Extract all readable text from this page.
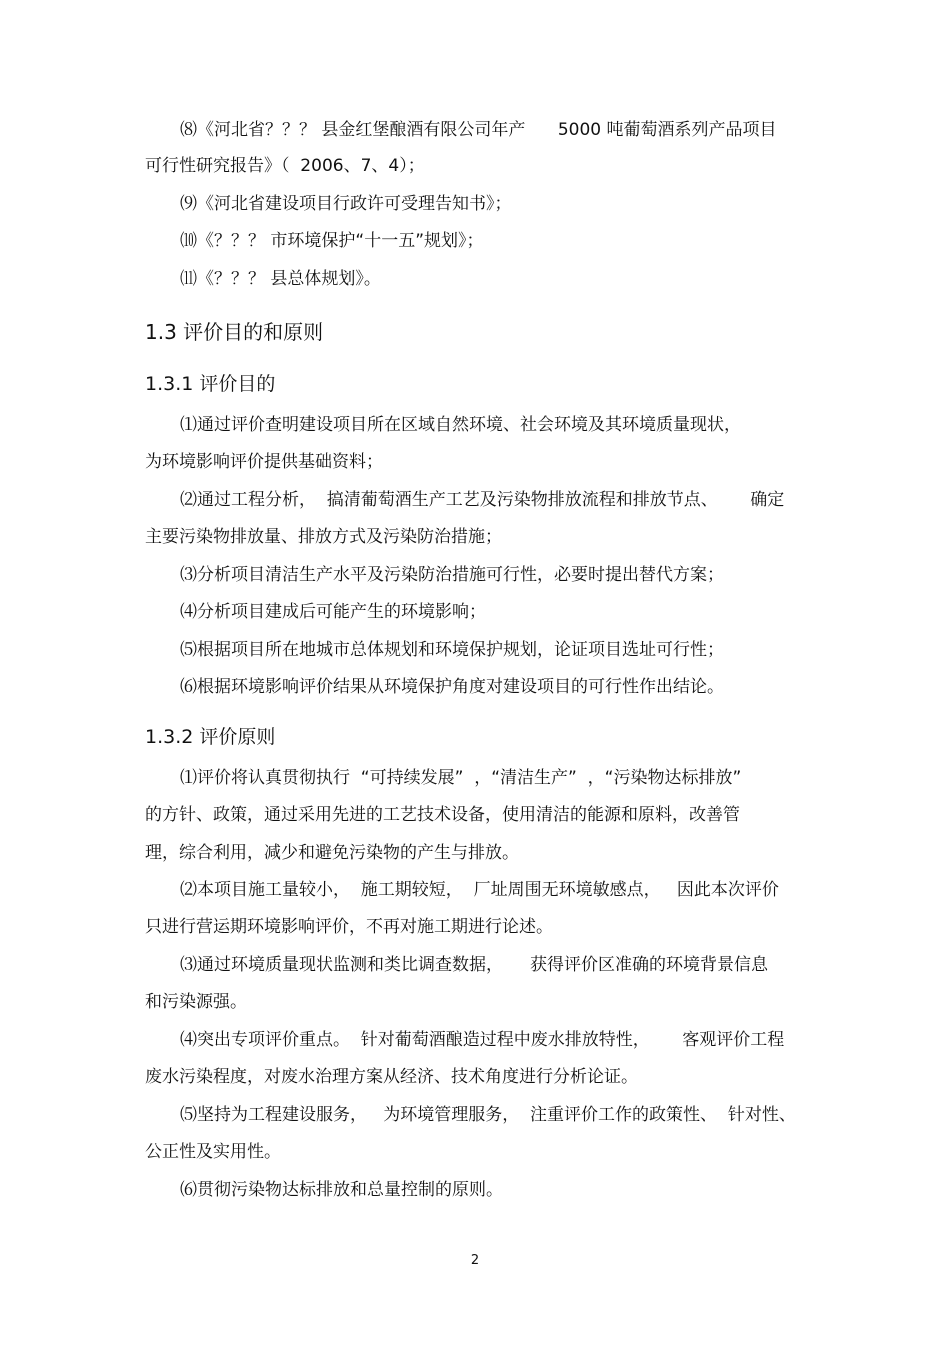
⑻《河北省？？？ 县金红堡酿酒有限公司年产      5000 吨葡萄酒系列产品项目
可行性研究报告》（  2006、7、4）；
⑼《河北省建设项目行政许可受理告知书》；
⑽《？？？ 市环境保护“十一五”规划》；
⑾《？？？ 县总体规划》。
1.3 评价目的和原则
1.3.1 评价目的
⑴通过评价查明建设项目所在区域自然环境、社会环境及其环境质量现状，
为环境影响评价提供基础资料；
⑵通过工程分析，  搞清葡萄酒生产工艺及污染物排放流程和排放节点、      确定
主要污染物排放量、排放方式及污染防治措施；
⑶分析项目清洁生产水平及污染防治措施可行性，必要时提出替代方案；
⑷分析项目建成后可能产生的环境影响；
⑸根据项目所在地城市总体规划和环境保护规划，论证项目选址可行性；
⑹根据环境影响评价结果从环境保护角度对建设项目的可行性作出结论。
1.3.2 评价原则
⑴评价将认真贯彻执行  “可持续发展”  ，“清洁生产”  ，“污染物达标排放”
的方针、政策，通过采用先进的工艺技术设备，使用清洁的能源和原料，改善管
理，综合利用，减少和避免污染物的产生与排放。
⑵本项目施工量较小，  施工期较短，  厂址周围无环境敏感点，   因此本次评价
只进行营运期环境影响评价，不再对施工期进行论述。
⑶通过环境质量现状监测和类比调查数据，     获得评价区准确的环境背景信息
和污染源强。
⑷突出专项评价重点。  针对葡萄酒酿造过程中废水排放特性，      客观评价工程
废水污染程度，对废水治理方案从经济、技术角度进行分析论证。
⑸坚持为工程建设服务，   为环境管理服务，  注重评价工作的政策性、  针对性、
公正性及实用性。
⑹贯彻污染物达标排放和总量控制的原则。
2
